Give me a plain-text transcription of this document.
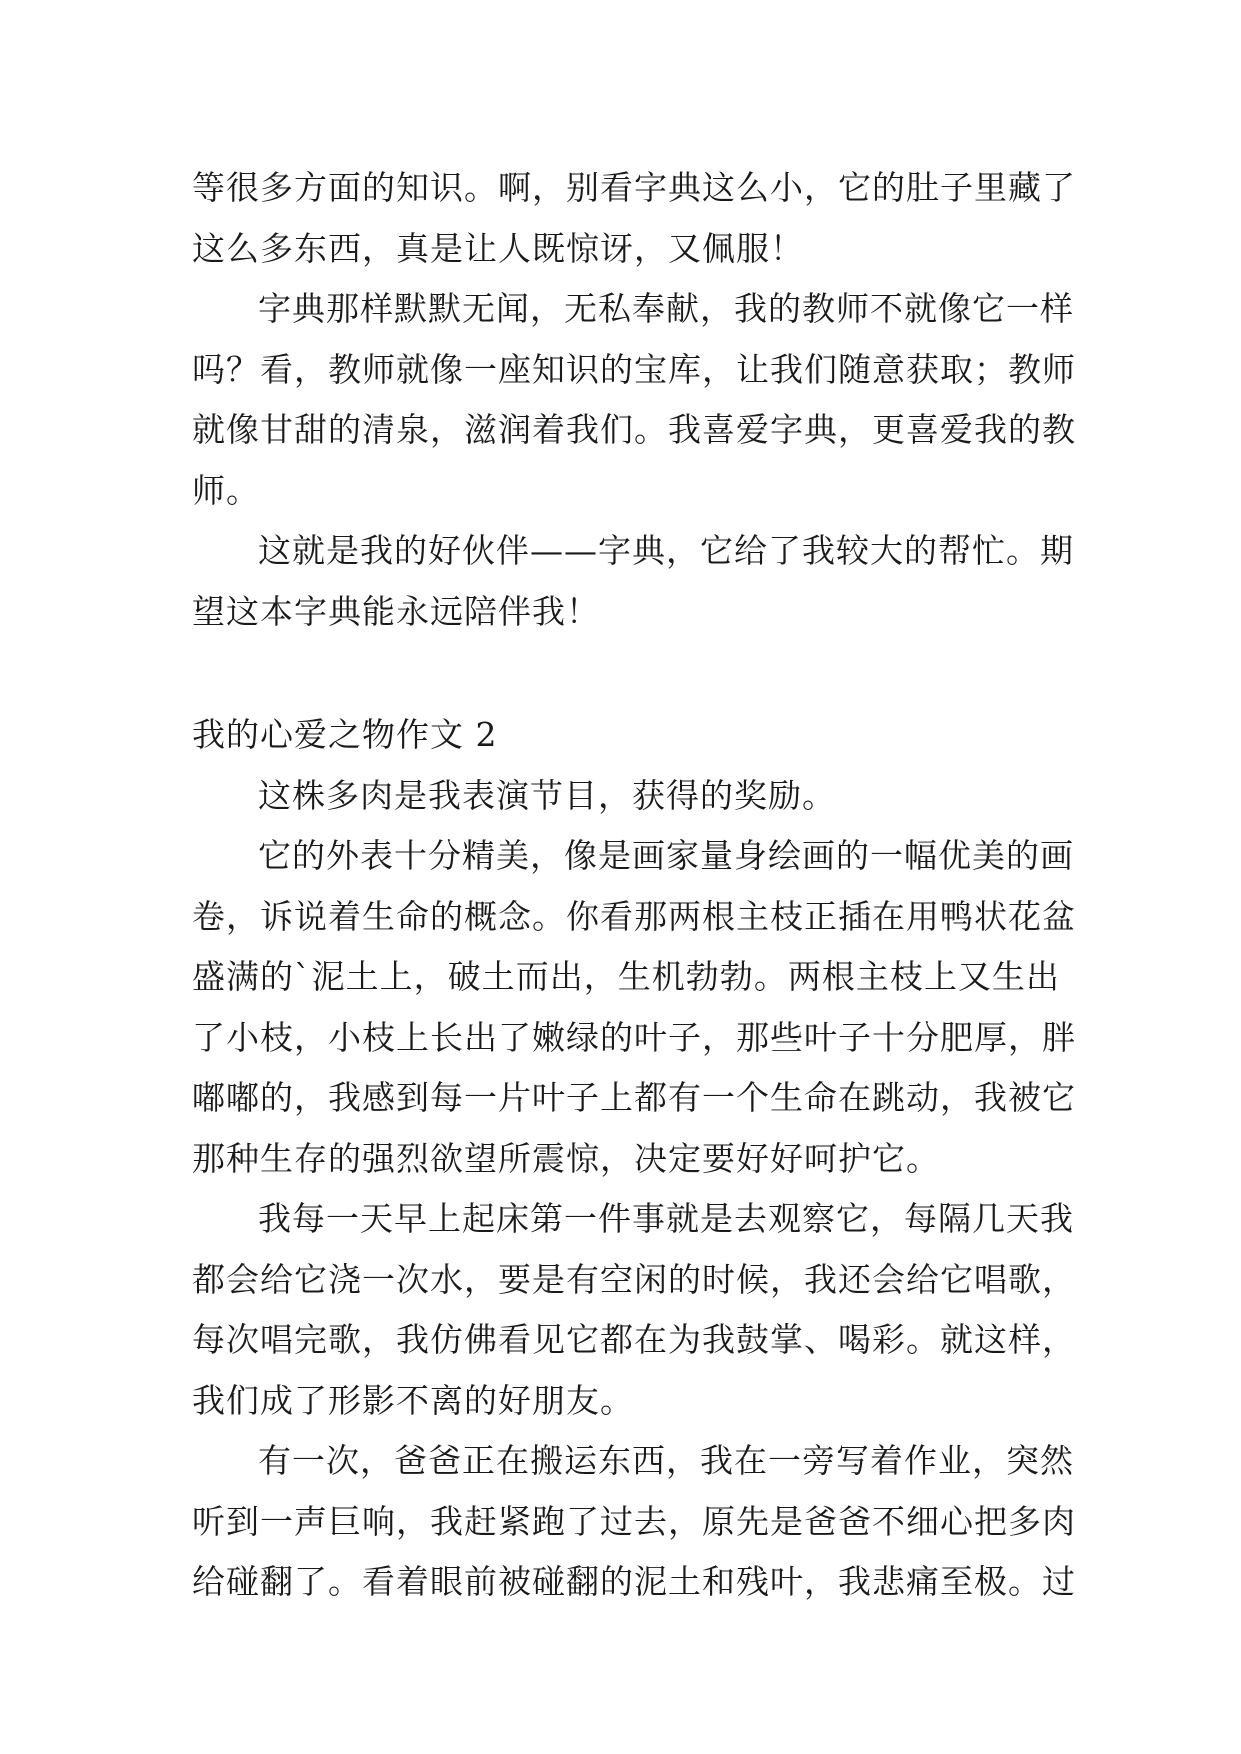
等很多方面的知识。啊，别看字典这么小，它的肚子里藏了
这么多东西，真是让人既惊讶，又佩服！
字典那样默默无闻，无私奉献，我的教师不就像它一样
吗？看，教师就像一座知识的宝库，让我们随意获取；教师
就像甘甜的清泉，滋润着我们。我喜爱字典，更喜爱我的教
师。
这就是我的好伙伴——字典，它给了我较大的帮忙。期
望这本字典能永远陪伴我！
我的心爱之物作文 2
这株多肉是我表演节目，获得的奖励。
它的外表十分精美，像是画家量身绘画的一幅优美的画
卷，诉说着生命的概念。你看那两根主枝正插在用鸭状花盆
盛满的`泥土上，破土而出，生机勃勃。两根主枝上又生出
了小枝，小枝上长出了嫩绿的叶子，那些叶子十分肥厚，胖
嘟嘟的，我感到每一片叶子上都有一个生命在跳动，我被它
那种生存的强烈欲望所震惊，决定要好好呵护它。
我每一天早上起床第一件事就是去观察它，每隔几天我
都会给它浇一次水，要是有空闲的时候，我还会给它唱歌，
每次唱完歌，我仿佛看见它都在为我鼓掌、喝彩。就这样，
我们成了形影不离的好朋友。
有一次，爸爸正在搬运东西，我在一旁写着作业，突然
听到一声巨响，我赶紧跑了过去，原先是爸爸不细心把多肉
给碰翻了。看着眼前被碰翻的泥土和残叶，我悲痛至极。过
